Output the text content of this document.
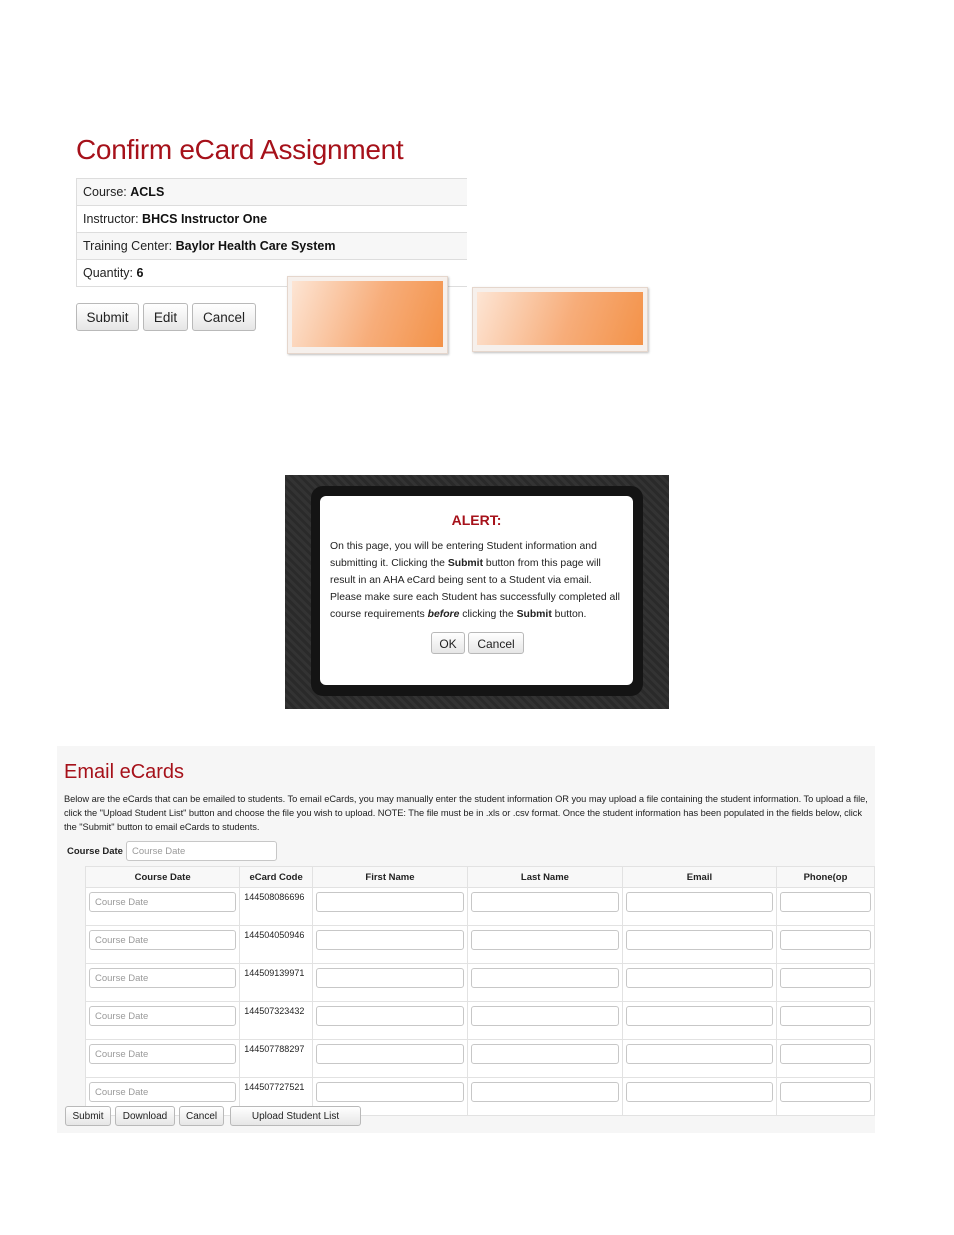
Confirm eCard Assignment
Course: ACLS
Instructor: BHCS Instructor One
Training Center: Baylor Health Care System
Quantity: 6
Submit	Edit	Cancel
ALERT:

On this page, you will be entering Student information and submitting it. Clicking the Submit button from this page will result in an AHA eCard being sent to a Student via email. Please make sure each Student has successfully completed all course requirements before clicking the Submit button.

OK	Cancel
Email eCards

Below are the eCards that can be emailed to students. To email eCards, you may manually enter the student information OR you may upload a file containing the student information. To upload a file, click the "Upload Student List" button and choose the file you wish to upload. NOTE: The file must be in .xls or .csv format. Once the student information has been populated in the fields below, click the "Submit" button to email eCards to students.

Course Date
Course Date
Course Date	eCard Code	First Name	Last Name	Email	Phone(op

Course Date	144508086696	

Course Date	144504050946	

Course Date	144509139971	

Course Date	144507323432	

Course Date	144507788297	

Course Date	144507727521	

Submit	Download	Cancel	Upload Student List
